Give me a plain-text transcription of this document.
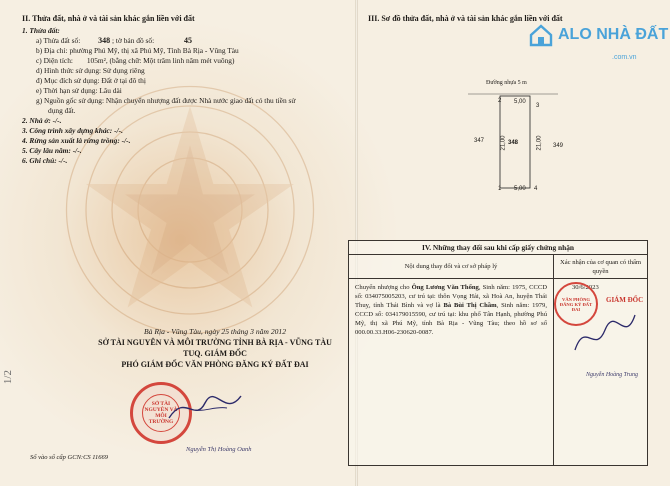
II. Thửa đất, nhà ở và tài sản khác gắn liền với đất
1. Thửa đất:
a) Thửa đất số: 348 ; tờ bản đồ số:	45
b) Địa chỉ: phường Phú Mỹ, thị xã Phú Mỹ, Tỉnh Bà Rịa - Vũng Tàu
c) Diện tích: 105m², (bằng chữ: Một trăm linh năm mét vuông)
d) Hình thức sử dụng: Sử dụng riêng
đ) Mục đích sử dụng: Đất ở tại đô thị
e) Thời hạn sử dụng: Lâu dài
g) Nguồn gốc sử dụng: Nhận chuyển nhượng đất được Nhà nước giao đất có thu tiền sử
dụng đất.
2. Nhà ở: -/-.
3. Công trình xây dựng khác: -/-.
4. Rừng sản xuất là rừng trồng: -/-.
5. Cây lâu năm: -/-.
6. Ghi chú: -/-.
Bà Rịa - Vũng Tàu, ngày 25 tháng 3 năm 2012
SỞ TÀI NGUYÊN VÀ MÔI TRƯỜNG TỈNH BÀ RỊA - VŨNG TÀU
TUQ. GIÁM ĐỐC
PHÓ GIÁM ĐỐC VĂN PHÒNG ĐĂNG KÝ ĐẤT ĐAI
SỞ TÀI NGUYÊN VÀ MÔI TRƯỜNG
Nguyễn Thị Hoàng Oanh
Số vào sổ cấp GCN:CS 11669
1/2
III. Sơ đồ thửa đất, nhà ở và tài sản khác gắn liền với đất
ALO NHÀ ĐẤT
.com.vn
Đường nhựa 5 m
2 5,00
3
347	21,00 348	21,00 349
1 5,00 4
IV. Những thay đổi sau khi cấp giấy chứng nhận
Nội dung thay đổi và cơ sở pháp lý
Xác nhận của cơ quan có thẩm quyền
Chuyển nhượng cho Ông Lương Văn Thống, Sinh năm: 1975, CCCD số: 034075005203, cư trú tại: thôn Vọng Hải, xã Hoà An, huyện Thái Thuỵ, tỉnh Thái Bình và vợ là Bà Bùi Thị Chầm, Sinh năm: 1979, CCCD số: 034179015590, cư trú tại: khu phố Tân Hạnh, phường Phú Mỹ, thị xã Phú Mỹ, tỉnh Bà Rịa - Vũng Tàu; theo hồ sơ số 000.00.33.H06-230620-0087.
30/6/2023
VĂN PHÒNG ĐĂNG KÝ ĐẤT ĐAI
GIÁM ĐỐC
Nguyễn Hoàng Trung
